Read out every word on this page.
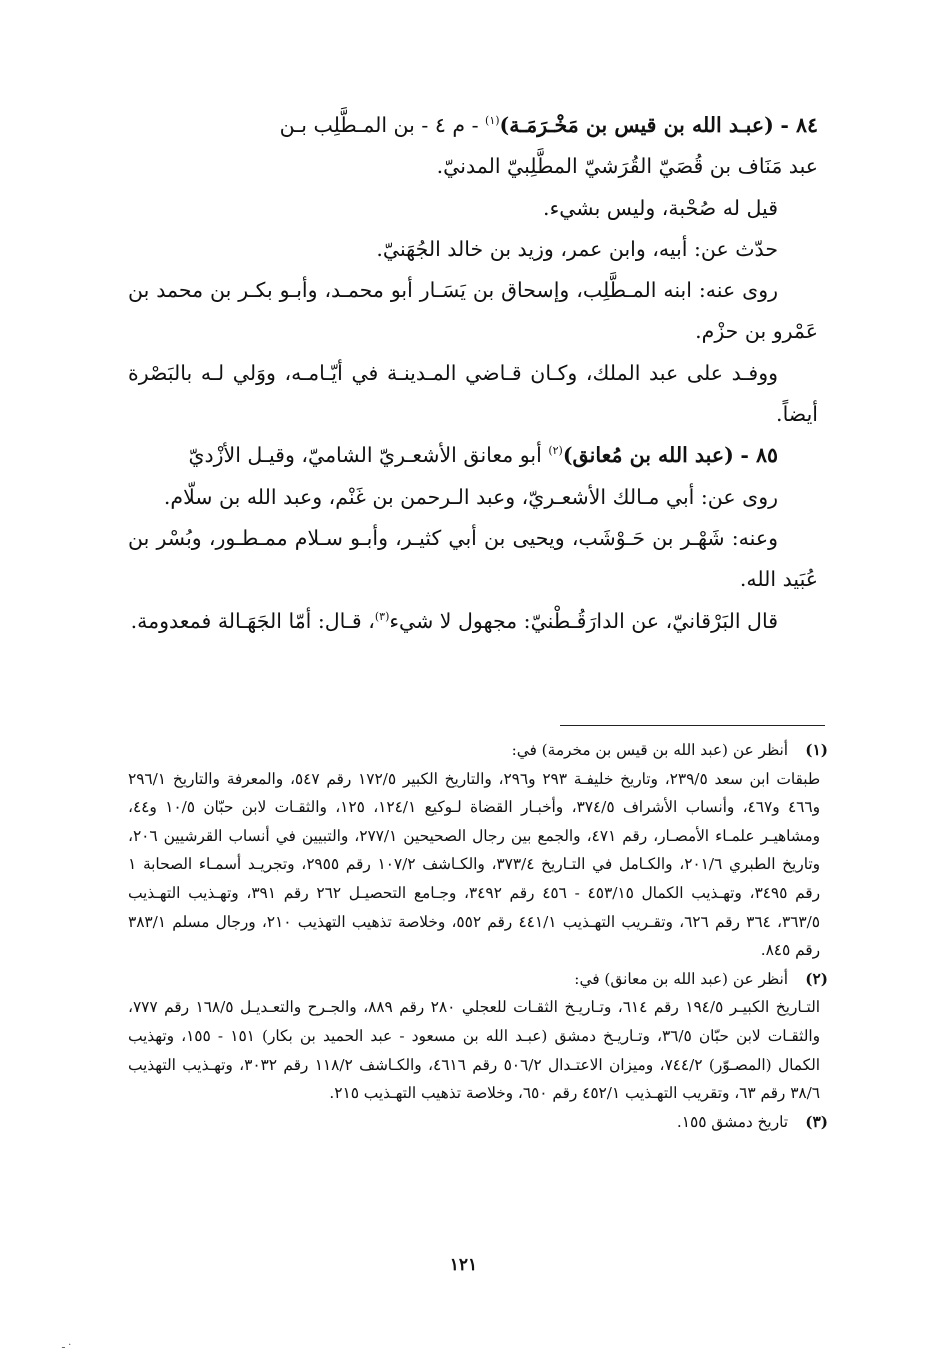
٨٤ - (عبـد الله بن قيس بن مَخْـرَمَـة)$^{(١)}$ - م ٤ - بن المـطَّلِب بـن

عبد مَنَاف بن قُصَيّ القُرَشيّ المطَّلِبيّ المدنيّ.

قيل له صُحْبة، وليس بشيء.

حدّث عن: أبيه، وابن عمر، وزيد بن خالد الجُهَنيّ.

روى عنه: ابنه المـطَّلِب، وإسحاق بن يَسَـار أبو محمـد، وأبـو بكـر بن محمد بن عَمْرو بن حزْم.

ووفـد على عبد الملك، وكـان قـاضي المـدينـة في أيّـامـه، ووَلي لـه بالبَصْرة أيضاً.

٨٥ - (عبد الله بن مُعانق)$^{(٢)}$ أبو معانق الأشعـريّ الشاميّ، وقيـل الأزْديّ

روى عن: أبي مـالك الأشعـريّ، وعبد الـرحمن بن غَنْم، وعبد الله بن سلّام.

وعنه: شَهْـر بن حَـوْشَب، ويحيى بن أبي كثيـر، وأبـو سـلام ممـطـور، وبُسْر بن عُبَيد الله.

قال البَرْقانيّ، عن الدارَقُـطْنيّ: مجهول لا شيء$^{(٣)}$، قـال: أمّا الجَهَـالة فمعدومة.

(١)
أنظر عن (عبد الله بن قيس بن مخرمة) في:
طبقات ابن سعد ٢٣٩/٥، وتاريخ خليفـة ٢٩٣ و٢٩٦، والتاريخ الكبير ١٧٢/٥ رقم ٥٤٧، والمعرفة والتاريخ ٢٩٦/١ و٤٦٦ و٤٦٧، وأنساب الأشراف ٣٧٤/٥، وأخبـار القضاة لـوكيع ١٢٤/١، ١٢٥، والثقـات لابن حبّان ١٠/٥ و٤٤، ومشاهيـر علمـاء الأمصـار، رقم ٤٧١، والجمع بين رجال الصحيحين ٢٧٧/١، والتبيين في أنساب القرشيين ٢٠٦، وتاريخ الطبري ٢٠١/٦، والكـامل في التـاريخ ٣٧٣/٤، والكـاشف ١٠٧/٢ رقم ٢٩٥٥، وتجريـد أسمـاء الصحابة ١ رقم ٣٤٩٥، وتهـذيب الكمال ٤٥٣/١٥ - ٤٥٦ رقم ٣٤٩٢، وجـامع التحصيـل ٢٦٢ رقم ٣٩١، وتهـذيب التهـذيب ٣٦٣/٥، ٣٦٤ رقم ٦٢٦، وتقـريب التهـذيب ٤٤١/١ رقم ٥٥٢، وخلاصة تذهيب التهذيب ٢١٠، ورجال مسلم ٣٨٣/١ رقم ٨٤٥.
(٢)
أنظر عن (عبد الله بن معانق) في:
التـاريخ الكبيـر ١٩٤/٥ رقم ٦١٤، وتـاريـخ الثقـات للعجلي ٢٨٠ رقم ٨٨٩، والجـرح والتعـديـل ١٦٨/٥ رقم ٧٧٧، والثقـات لابن حبّان ٣٦/٥، وتـاريـخ دمشق (عبـد الله بن مسعود - عبد الحميد بن بكار) ١٥١ - ١٥٥، وتهذيب الكمال (المصـوّر) ٧٤٤/٢، وميزان الاعتـدال ٥٠٦/٢ رقم ٤٦١٦، والكـاشف ١١٨/٢ رقم ٣٠٣٢، وتهـذيب التهذيب ٣٨/٦ رقم ٦٣، وتقريب التهـذيب ٤٥٢/١ رقم ٦٥٠، وخلاصة تذهيب التهـذيب ٢١٥.
(٣)
تاريخ دمشق ١٥٥.
١٢١
· ـ
